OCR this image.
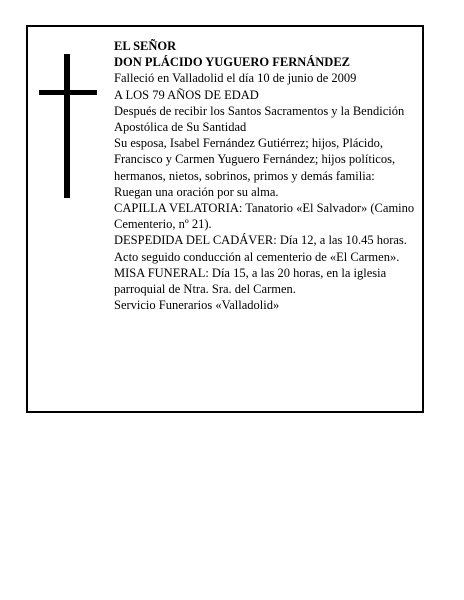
EL SEÑOR

DON PLÁCIDO YUGUERO FERNÁNDEZ

Falleció en Valladolid el día 10 de junio de 2009

A LOS 79 AÑOS DE EDAD

Después de recibir los Santos Sacramentos y la Bendición Apostólica de Su Santidad

Su esposa, Isabel Fernández Gutiérrez; hijos, Plácido, Francisco y Carmen Yuguero Fernández; hijos políticos, hermanos, nietos, sobrinos, primos y demás familia:

Ruegan una oración por su alma.

CAPILLA VELATORIA: Tanatorio «El Salvador» (Camino Cementerio, nº 21).

DESPEDIDA DEL CADÁVER: Día 12, a las 10.45 horas. Acto seguido conducción al cementerio de «El Carmen».

MISA FUNERAL: Día 15, a las 20 horas, en la iglesia parroquial de Ntra. Sra. del Carmen.

Servicio Funerarios «Valladolid»
